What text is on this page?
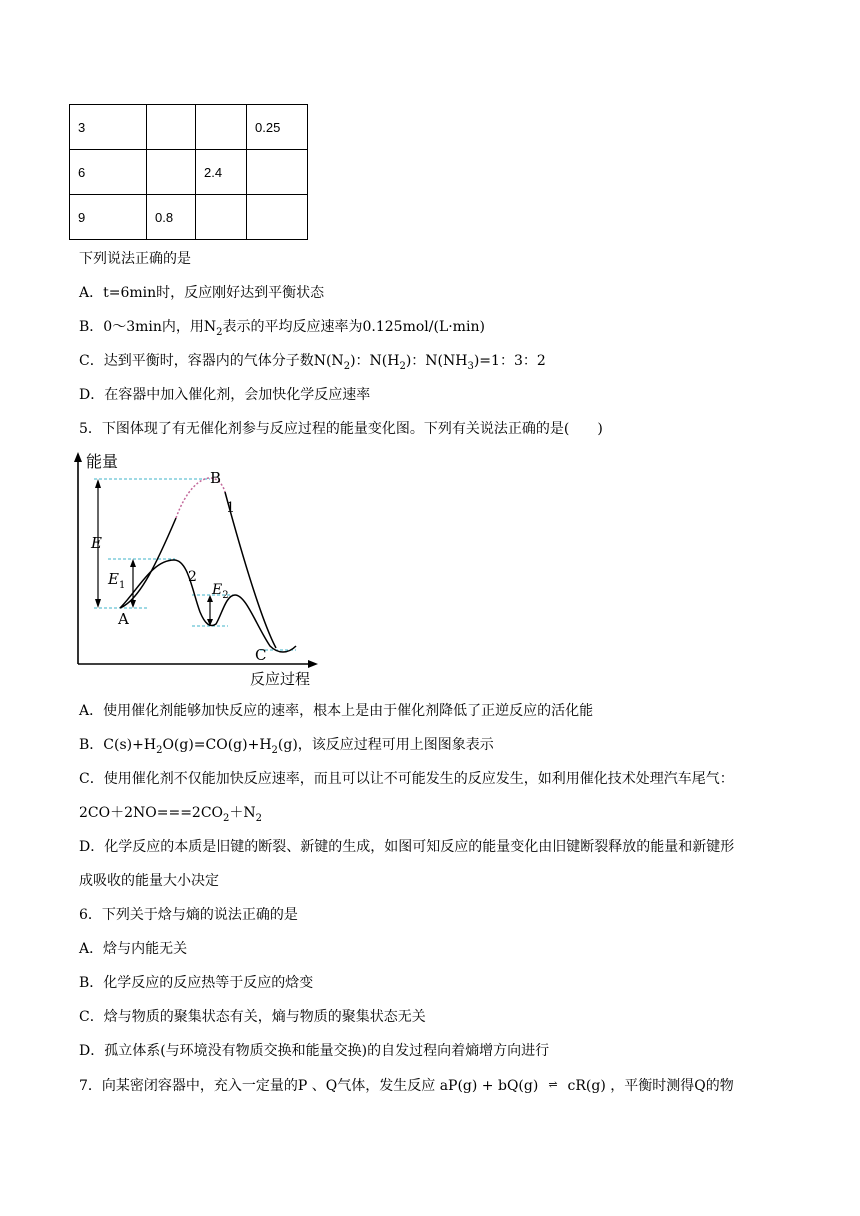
3			0.25
6		2.4	
9	0.8		
下列说法正确的是
A．t=6min时，反应刚好达到平衡状态
B．0～3min内，用$N_2$表示的平均反应速率为0.125mol/(L·min)
C．达到平衡时，容器内的气体分子数$N(N_2)$：$N(H_2)$：$N(NH_3)=1$：3：2
D．在容器中加入催化剂，会加快化学反应速率
5．下图体现了有无催化剂参与反应过程的能量变化图。下列有关说法正确的是(　　)
能量
反应过程
B
1
2
A
C
E
$E_1$	$E_2$
A．使用催化剂能够加快反应的速率，根本上是由于催化剂降低了正逆反应的活化能
B．$C(s)+H_2O(g)=CO(g)+H_2(g)$，该反应过程可用上图图象表示
C．使用催化剂不仅能加快反应速率，而且可以让不可能发生的反应发生，如利用催化技术处理汽车尾气：
$2CO+2NO===2CO_2+N_2$
D．化学反应的本质是旧键的断裂、新键的生成，如图可知反应的能量变化由旧键断裂释放的能量和新键形
成吸收的能量大小决定
6．下列关于焓与熵的说法正确的是
A．焓与内能无关
B．化学反应的反应热等于反应的焓变
C．焓与物质的聚集状态有关，熵与物质的聚集状态无关
D．孤立体系(与环境没有物质交换和能量交换)的自发过程向着熵增方向进行
7．向某密闭容器中，充入一定量的P 、Q气体，发生反应 aP(g) + bQ(g) ⇌ cR(g) ，平衡时测得Q的物
